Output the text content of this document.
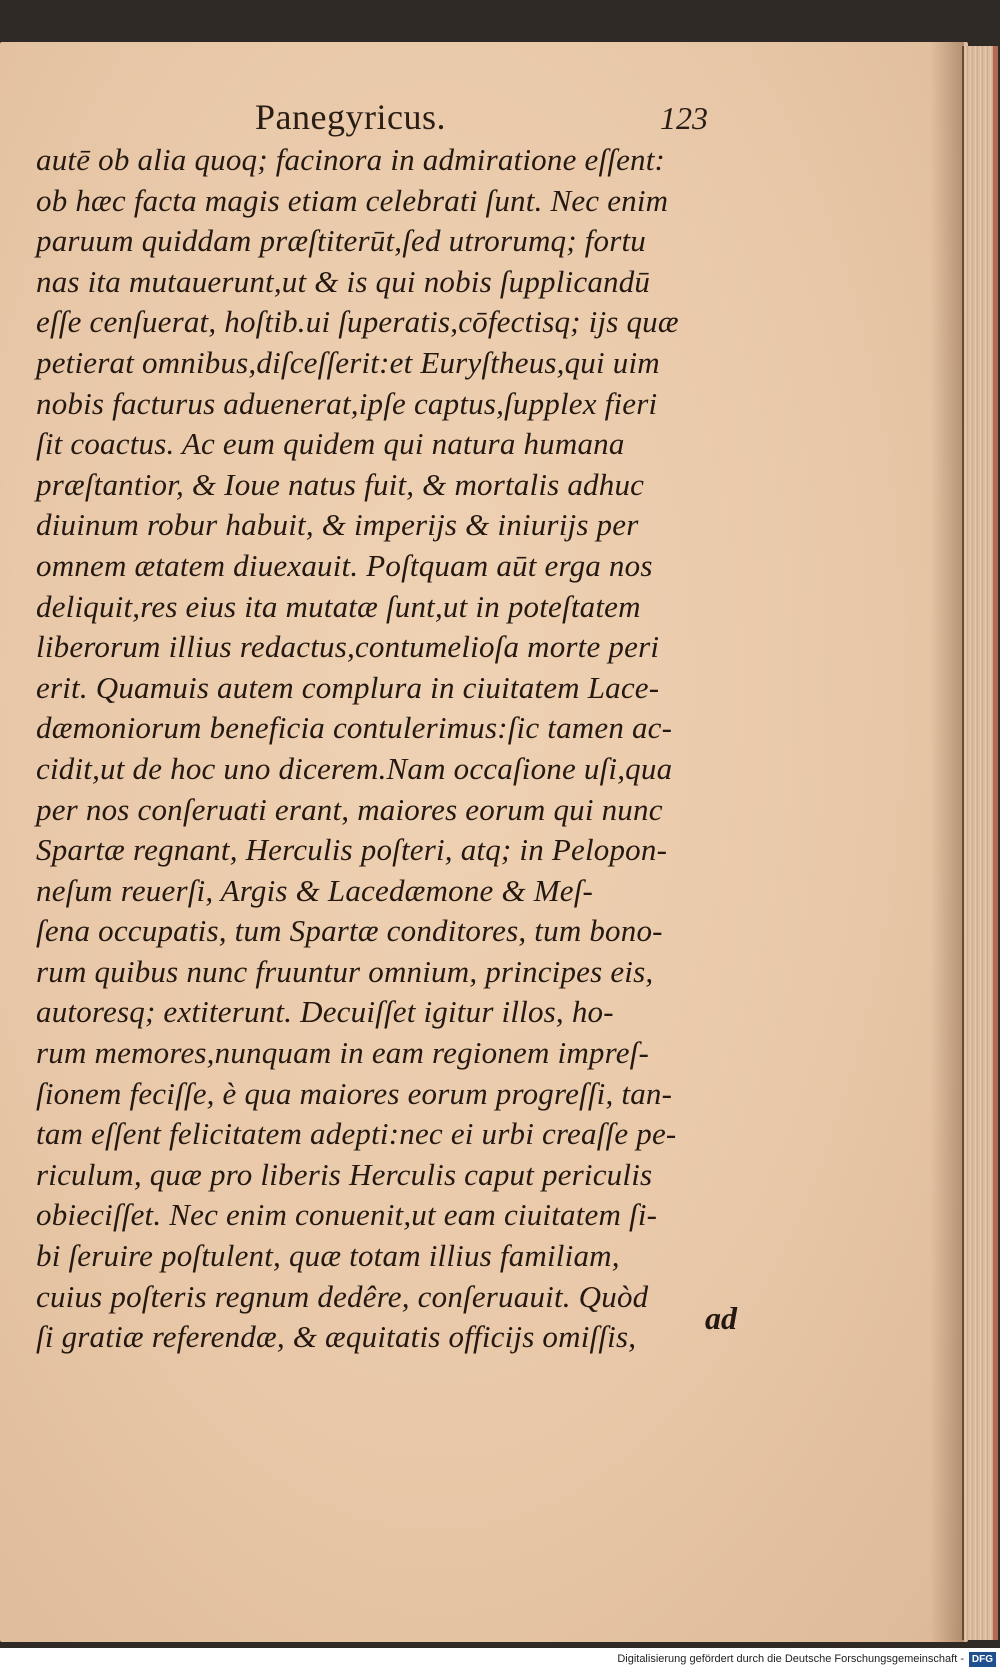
Panegyricus.	123
autē ob alia quoq; facinora in admiratione eſſent:
ob hæc facta magis etiam celebrati ſunt. Nec enim
paruum quiddam præſtiterūt,ſed utrorumq; fortu
nas ita mutauerunt,ut & is qui nobis ſupplicandū
eſſe cenſuerat, hoſtib.ui ſuperatis,cōfectisq; ijs quæ
petierat omnibus,diſceſſerit:et Euryſtheus,qui uim
nobis facturus aduenerat,ipſe captus,ſupplex fieri
ſit coactus. Ac eum quidem qui natura humana
præſtantior, & Ioue natus fuit, & mortalis adhuc
diuinum robur habuit, & imperijs & iniurijs per
omnem ætatem diuexauit. Poſtquam aūt erga nos
deliquit,res eius ita mutatæ ſunt,ut in poteſtatem
liberorum illius redactus,contumelioſa morte peri
erit. Quamuis autem complura in ciuitatem Lace-
dæmoniorum beneficia contulerimus:ſic tamen ac-
cidit,ut de hoc uno dicerem.Nam occaſione uſi,qua
per nos conſeruati erant, maiores eorum qui nunc
Spartæ regnant, Herculis poſteri, atq; in Pelopon-
neſum reuerſi, Argis & Lacedæmone & Meſ-
ſena occupatis, tum Spartæ conditores, tum bono-
rum quibus nunc fruuntur omnium, principes eis,
autoresq; extiterunt. Decuiſſet igitur illos, ho-
rum memores,nunquam in eam regionem impreſ-
ſionem feciſſe, è qua maiores eorum progreſſi, tan-
tam eſſent felicitatem adepti:nec ei urbi creaſſe pe-
riculum, quæ pro liberis Herculis caput periculis
obieciſſet. Nec enim conuenit,ut eam ciuitatem ſi-
bi ſeruire poſtulent, quæ totam illius familiam,
cuius poſteris regnum dedêre, conſeruauit. Quòd
ſi gratiæ referendæ, & æquitatis officijs omiſſis,
ad
Digitalisierung gefördert durch die Deutsche Forschungsgemeinschaft - DFG
